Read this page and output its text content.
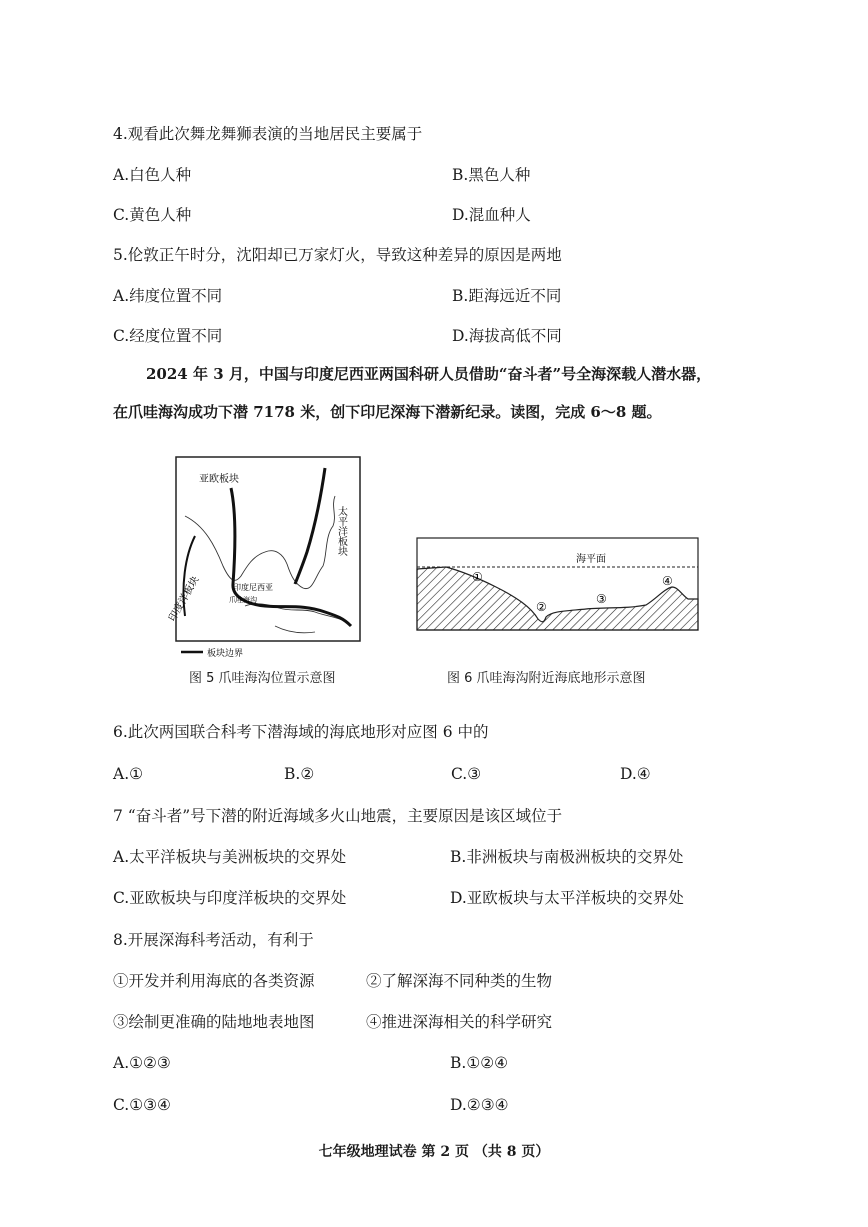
4.观看此次舞龙舞狮表演的当地居民主要属于
A.白色人种	B.黑色人种
C.黄色人种	D.混血种人
5.伦敦正午时分，沈阳却已万家灯火，导致这种差异的原因是两地
A.纬度位置不同	B.距海远近不同
C.经度位置不同	D.海拔高低不同
2024 年 3 月，中国与印度尼西亚两国科研人员借助“奋斗者”号全海深载人潜水器，
在爪哇海沟成功下潜 7178 米，创下印尼深海下潜新纪录。读图，完成 6～8 题。
亚欧板块
太平洋板块
印度洋板块	印度尼西亚
爪哇海沟
板块边界
图 5 爪哇海沟位置示意图
海平面
①
②
③
④
图 6 爪哇海沟附近海底地形示意图
6.此次两国联合科考下潜海域的海底地形对应图 6 中的
A.①	B.②	C.③	D.④
7 “奋斗者”号下潜的附近海域多火山地震，主要原因是该区域位于
A.太平洋板块与美洲板块的交界处	B.非洲板块与南极洲板块的交界处
C.亚欧板块与印度洋板块的交界处	D.亚欧板块与太平洋板块的交界处
8.开展深海科考活动，有利于
①开发并利用海底的各类资源	②了解深海不同种类的生物
③绘制更准确的陆地地表地图	④推进深海相关的科学研究
A.①②③	B.①②④
C.①③④	D.②③④
七年级地理试卷 第 2 页 （共 8 页）
